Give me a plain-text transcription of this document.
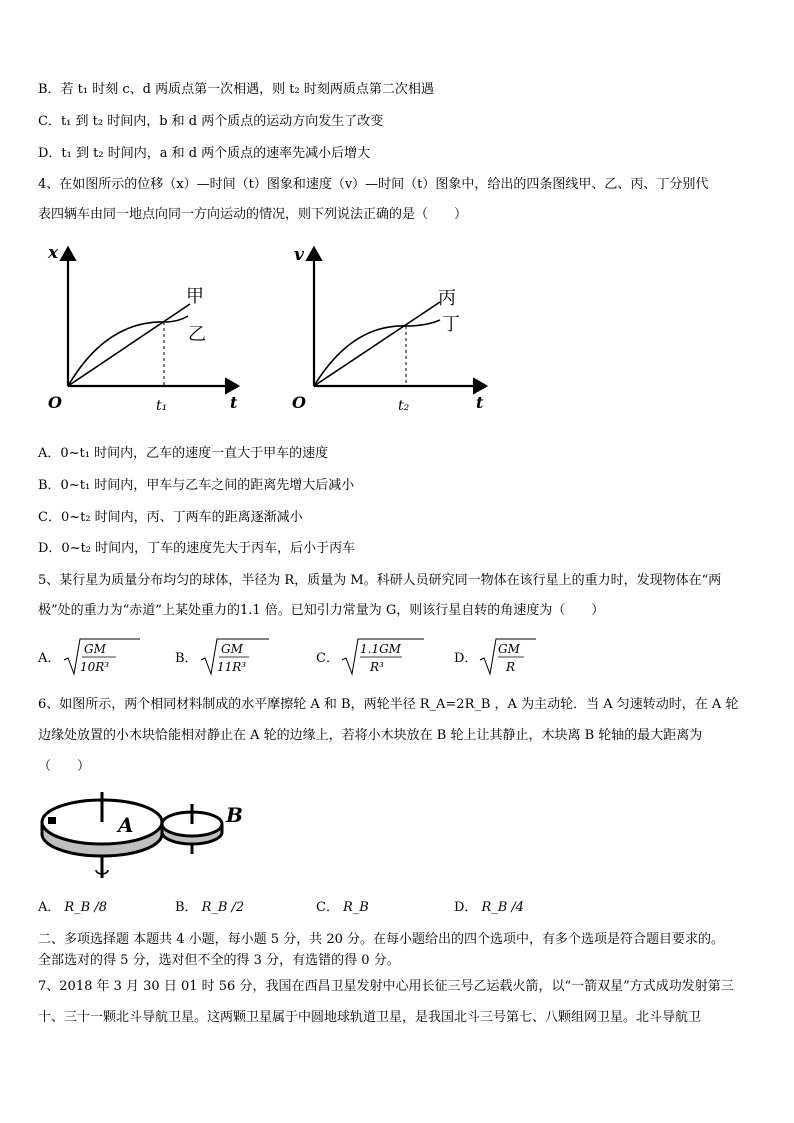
B．若 t₁ 时刻 c、d 两质点第一次相遇，则 t₂ 时刻两质点第二次相遇
C．t₁ 到 t₂ 时间内，b 和 d 两个质点的运动方向发生了改变
D．t₁ 到 t₂ 时间内，a 和 d 两个质点的速率先减小后增大
4、在如图所示的位移（x）—时间（t）图象和速度（v）—时间（t）图象中，给出的四条图线甲、乙、丙、丁分别代
表四辆车由同一地点向同一方向运动的情况，则下列说法正确的是（　　）
x
O	t
t₁
甲
乙
v
O	t
t₂
丙
丁
A．0~t₁ 时间内，乙车的速度一直大于甲车的速度
B．0~t₁ 时间内，甲车与乙车之间的距离先增大后减小
C．0~t₂ 时间内，丙、丁两车的距离逐渐减小
D．0~t₂ 时间内，丁车的速度先大于丙车，后小于丙车
5、某行星为质量分布均匀的球体，半径为 R，质量为 M。科研人员研究同一物体在该行星上的重力时，发现物体在“两
极”处的重力为“赤道”上某处重力的1.1 倍。已知引力常量为 G，则该行星自转的角速度为（　　）
A．
GM
10R³
B．
GM
11R³
C．
1.1GM
R³
D．
GM
R
6、如图所示，两个相同材料制成的水平摩擦轮 A 和 B，两轮半径 R_A=2R_B ，A 为主动轮．当 A 匀速转动时，在 A 轮
边缘处放置的小木块恰能相对静止在 A 轮的边缘上，若将小木块放在 B 轮上让其静止，木块离 B 轮轴的最大距离为
（　　）
A	B
A． R_B /8	B． R_B /2	C． R_B	D． R_B /4
二、多项选择题 本题共 4 小题，每小题 5 分，共 20 分。在每小题给出的四个选项中，有多个选项是符合题目要求的。
全部选对的得 5 分，选对但不全的得 3 分，有选错的得 0 分。
7、2018 年 3 月 30 日 01 时 56 分，我国在西昌卫星发射中心用长征三号乙运载火箭，以“一箭双星”方式成功发射第三
十、三十一颗北斗导航卫星。这两颗卫星属于中圆地球轨道卫星，是我国北斗三号第七、八颗组网卫星。北斗导航卫
